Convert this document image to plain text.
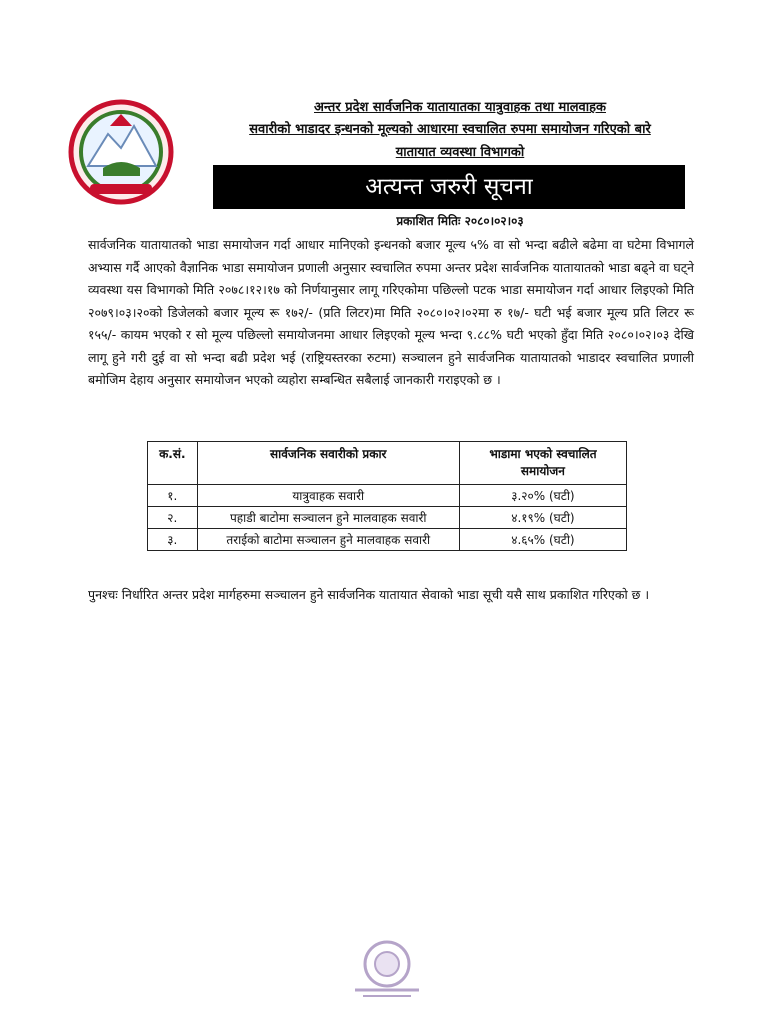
अन्तर प्रदेश सार्वजनिक यातायातका यात्रुवाहक तथा मालवाहक
सवारीको भाडादर इन्धनको मूल्यको आधारमा स्वचालित रुपमा समायोजन गरिएको बारे
यातायात व्यवस्था विभागको
अत्यन्त जरुरी सूचना
प्रकाशित मितिः २०८०।०२।०३
सार्वजनिक यातायातको भाडा समायोजन गर्दा आधार मानिएको इन्धनको बजार मूल्य ५% वा सो भन्दा बढीले बढेमा वा घटेमा विभागले अभ्यास गर्दै आएको वैज्ञानिक भाडा समायोजन प्रणाली अनुसार स्वचालित रुपमा अन्तर प्रदेश सार्वजनिक यातायातको भाडा बढ्ने वा घट्ने व्यवस्था यस विभागको मिति २०७८।१२।१७ को निर्णयानुसार लागू गरिएकोमा पछिल्लो पटक भाडा समायोजन गर्दा आधार लिइएको मिति २०७९।०३।२०को डिजेलको बजार मूल्य रू १७२/- (प्रति लिटर)मा मिति २०८०।०२।०२मा रु १७/- घटी भई बजार मूल्य प्रति लिटर रू १५५/- कायम भएको र सो मूल्य पछिल्लो समायोजनमा आधार लिइएको मूल्य भन्दा ९.८८% घटी भएको हुँदा मिति २०८०।०२।०३ देखि लागू हुने गरी दुई वा सो भन्दा बढी प्रदेश भई (राष्ट्रियस्तरका रुटमा) सञ्चालन हुने सार्वजनिक यातायातको भाडादर स्वचालित प्रणाली बमोजिम देहाय अनुसार समायोजन भएको व्यहोरा सम्बन्धित सबैलाई जानकारी गराइएको छ ।
क.सं.	सार्वजनिक सवारीको प्रकार	भाडामा भएको स्वचालित समायोजन
१.	यात्रुवाहक सवारी	३.२०% (घटी)
२.	पहाडी बाटोमा सञ्चालन हुने मालवाहक सवारी	४.१९% (घटी)
३.	तराईको बाटोमा सञ्चालन हुने मालवाहक सवारी	४.६५% (घटी)
पुनश्चः निर्धारित अन्तर प्रदेश मार्गहरुमा सञ्चालन हुने सार्वजनिक यातायात सेवाको भाडा सूची यसै साथ प्रकाशित गरिएको छ ।
